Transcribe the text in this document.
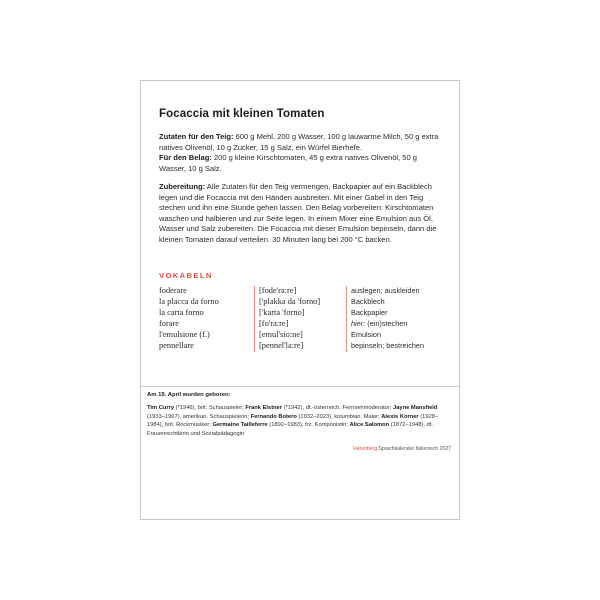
Focaccia mit kleinen Tomaten
Zutaten für den Teig: 600 g Mehl, 200 g Wasser, 100 g lauwarme Milch, 50 g extra natives Olivenöl, 10 g Zucker, 15 g Salz, ein Würfel Bierhefe.
Für den Belag: 200 g kleine Kirschtomaten, 45 g extra natives Olivenöl, 50 g Wasser, 10 g Salz.
Zubereitung: Alle Zutaten für den Teig vermengen, Backpapier auf ein Backblech legen und die Focaccia mit den Händen ausbreiten. Mit einer Gabel in den Teig stechen und ihn eine Stunde gehen lassen. Den Belag vorbereiten: Kirschtomaten waschen und halbieren und zur Seite legen. In einem Mixer eine Emulsion aus Öl, Wasser und Salz zubereiten. Die Focaccia mit dieser Emulsion bepinseln, dann die kleinen Tomaten darauf verteilen. 30 Minuten lang bei 200 °C backen.
VOKABELN
foderare	[fode'ra:re]	auslegen; auskleiden
la placca da forno	['plakka da 'forno]	Backblech
la carta forno	['karta 'forno]	Backpapier
forare	[fo'ra:re]	hier: (ein)stechen
l'emulsione (f.)	[emul'sio:ne]	Emulsion
pennellare	[pennel'la:re]	bepinseln; bestreichen
Am 19. April wurden geboren:
Tim Curry (*1946), brit. Schauspieler; Frank Elstner (*1942), dt.-österreich. Fernsehmoderator; Jayne Mansfield (1933–1967), amerikan. Schauspielerin; Fernando Botero (1932–2023), kolumbian. Maler; Alexis Korner (1928–1984), brit. Rockmusiker; Germaine Tailleferre (1892–1983), frz. Komponistin; Alice Salomon (1872–1948), dt. Frauenrechtlerin und Sozialpädagogin
Harenberg Sprachkalender Italienisch 2027
